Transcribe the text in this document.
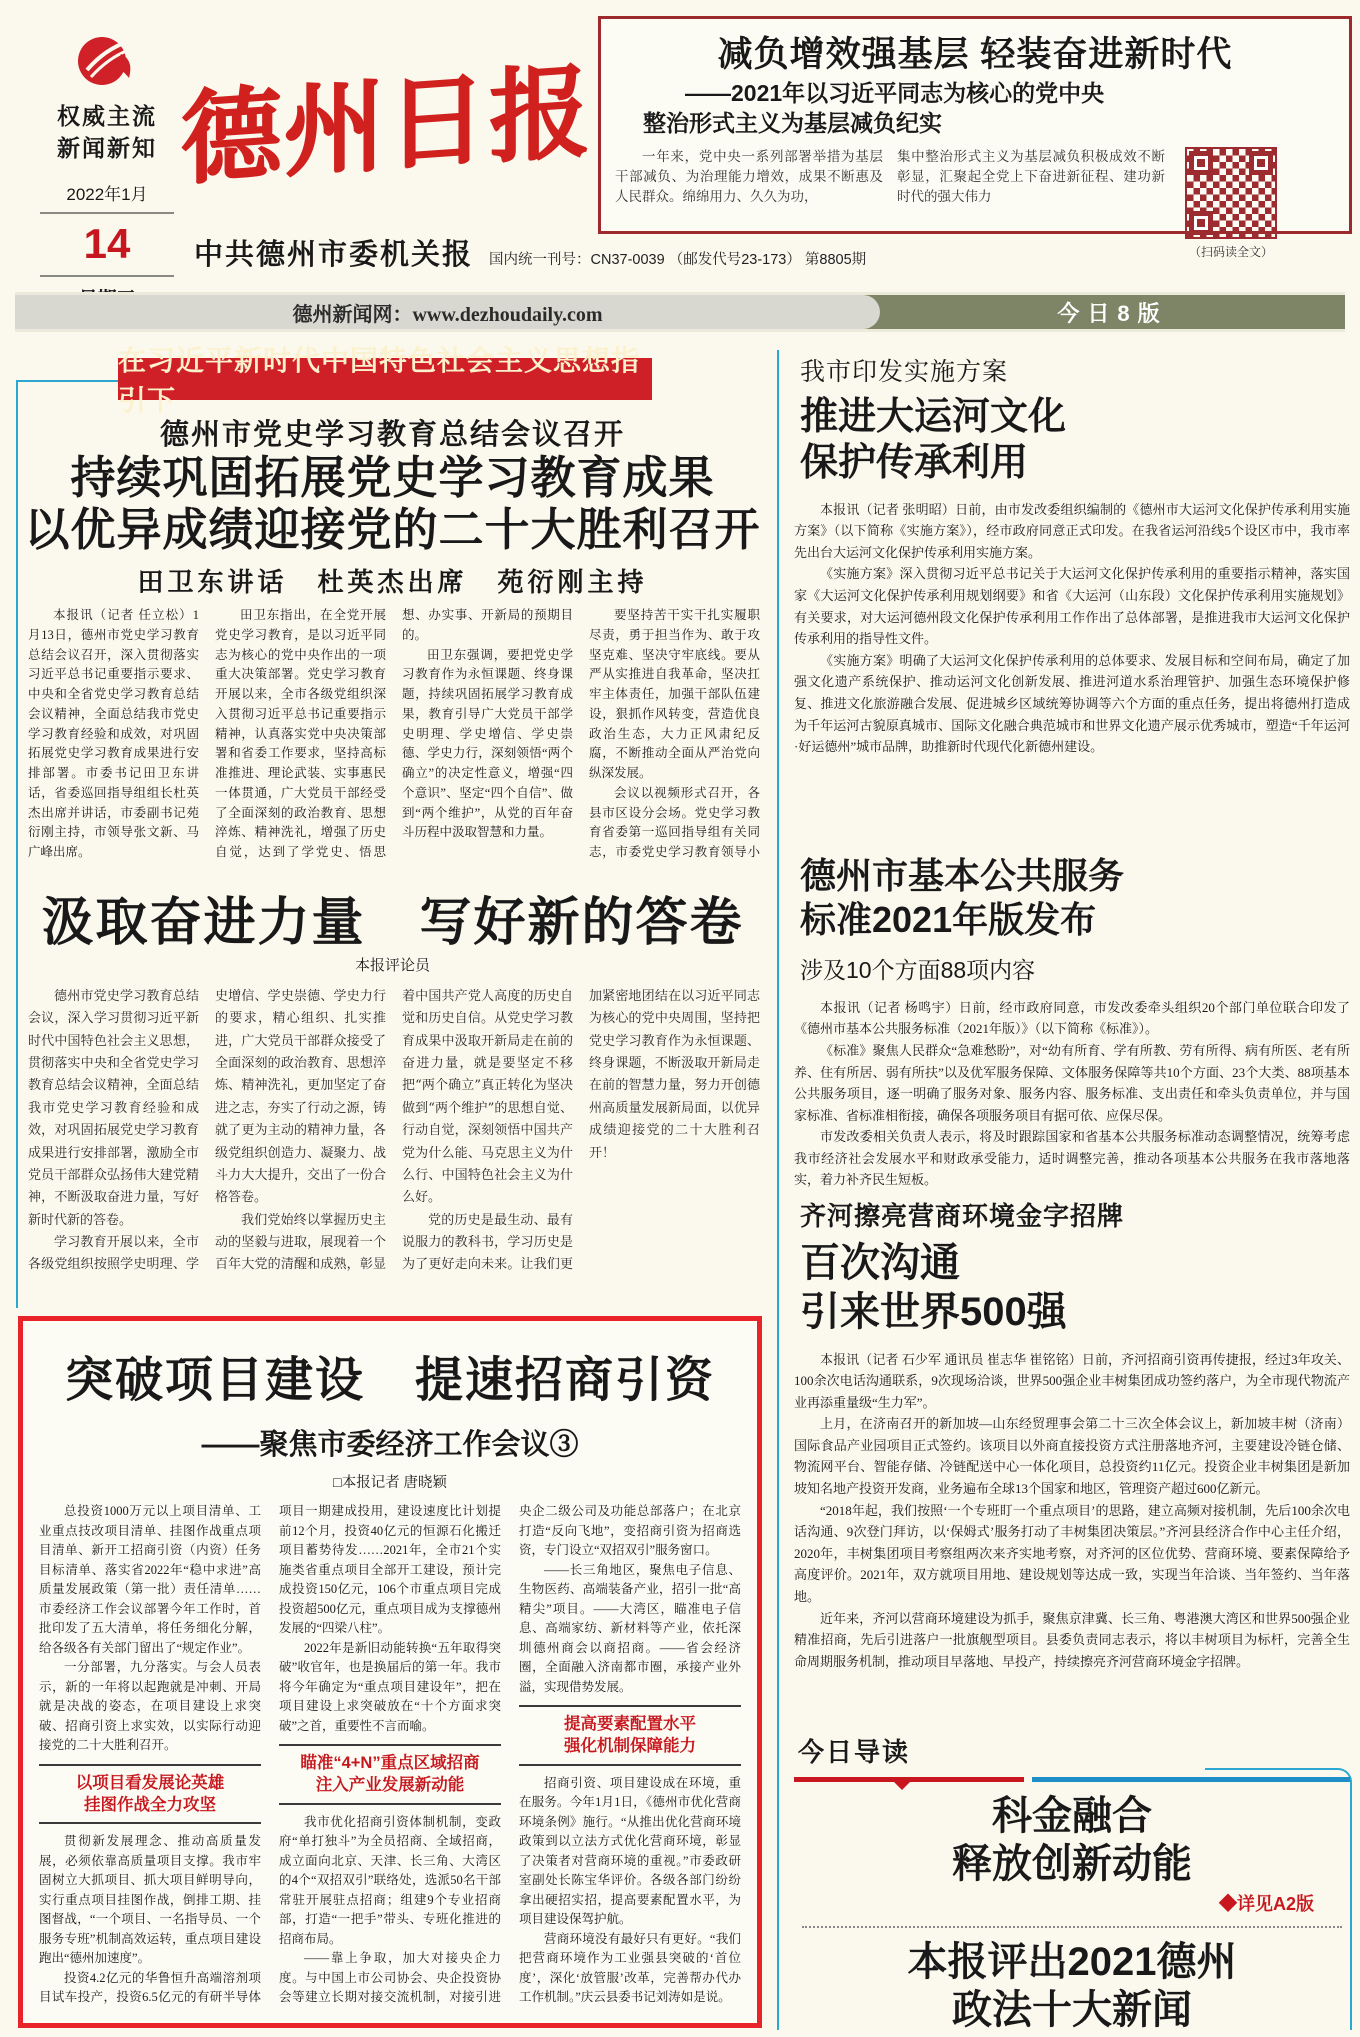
权威主流
新闻新知
2022年1月
14
德州日报
中共德州市委机关报 国内统一刊号：CN37-0039 （邮发代号23-173） 第8805期
减负增效强基层 轻装奋进新时代
——2021年以习近平同志为核心的党中央
整治形式主义为基层减负纪实
一年来，党中央一系列部署举措为基层干部减负、为治理能力增效，成果不断惠及人民群众。绵绵用力、久久为功，
集中整治形式主义为基层减负积极成效不断彰显，汇聚起全党上下奋进新征程、建功新时代的强大伟力
（扫码读全文）
德州新闻网：www.dezhoudaily.com	今日8版
在习近平新时代中国特色社会主义思想指引下
德州市党史学习教育总结会议召开
持续巩固拓展党史学习教育成果
以优异成绩迎接党的二十大胜利召开
田卫东讲话　杜英杰出席　苑衍刚主持

本报讯（记者 任立松）1月13日，德州市党史学习教育总结会议召开，深入贯彻落实习近平总书记重要指示要求、中央和全省党史学习教育总结会议精神，全面总结我市党史学习教育经验和成效，对巩固拓展党史学习教育成果进行安排部署。市委书记田卫东讲话，省委巡回指导组组长杜英杰出席并讲话，市委副书记苑衍刚主持，市领导张文新、马广峰出席。

田卫东指出，在全党开展党史学习教育，是以习近平同志为核心的党中央作出的一项重大决策部署。党史学习教育开展以来，全市各级党组织深入贯彻习近平总书记重要指示精神，认真落实党中央决策部署和省委工作要求，坚持高标准推进、理论武装、实事惠民一体贯通，广大党员干部经受了全面深刻的政治教育、思想淬炼、精神洗礼，增强了历史自觉，达到了学党史、悟思想、办实事、开新局的预期目的。

田卫东强调，要把党史学习教育作为永恒课题、终身课题，持续巩固拓展学习教育成果，教育引导广大党员干部学史明理、学史增信、学史崇德、学史力行，深刻领悟“两个确立”的决定性意义，增强“四个意识”、坚定“四个自信”、做到“两个维护”，从党的百年奋斗历程中汲取智慧和力量。

要坚持苦干实干扎实履职尽责，勇于担当作为、敢于攻坚克难、坚决守牢底线。要从严从实推进自我革命，坚决扛牢主体责任，加强干部队伍建设，狠抓作风转变，营造优良政治生态，大力正风肃纪反腐，不断推动全面从严治党向纵深发展。

会议以视频形式召开，各县市区设分会场。党史学习教育省委第一巡回指导组有关同志，市委党史学习教育领导小

汲取奋进力量　写好新的答卷
本报评论员

德州市党史学习教育总结会议，深入学习贯彻习近平新时代中国特色社会主义思想，贯彻落实中央和全省党史学习教育总结会议精神，全面总结我市党史学习教育经验和成效，对巩固拓展党史学习教育成果进行安排部署，激励全市党员干部群众弘扬伟大建党精神，不断汲取奋进力量，写好新时代新的答卷。

学习教育开展以来，全市各级党组织按照学史明理、学史增信、学史崇德、学史力行的要求，精心组织、扎实推进，广大党员干部群众接受了全面深刻的政治教育、思想淬炼、精神洗礼，更加坚定了奋进之志，夯实了行动之源，铸就了更为主动的精神力量，各级党组织创造力、凝聚力、战斗力大大提升，交出了一份合格答卷。

我们党始终以掌握历史主动的坚毅与进取，展现着一个百年大党的清醒和成熟，彰显着中国共产党人高度的历史自觉和历史自信。从党史学习教育成果中汲取开新局走在前的奋进力量，就是要坚定不移把“两个确立”真正转化为坚决做到“两个维护”的思想自觉、行动自觉，深刻领悟中国共产党为什么能、马克思主义为什么行、中国特色社会主义为什么好。

党的历史是最生动、最有说服力的教科书，学习历史是为了更好走向未来。让我们更加紧密地团结在以习近平同志为核心的党中央周围，坚持把党史学习教育作为永恒课题、终身课题，不断汲取开新局走在前的智慧力量，努力开创德州高质量发展新局面，以优异成绩迎接党的二十大胜利召开！

突破项目建设　提速招商引资
——聚焦市委经济工作会议③
□本报记者 唐晓颖

总投资1000万元以上项目清单、工业重点技改项目清单、挂图作战重点项目清单、新开工招商引资（内资）任务目标清单、落实省2022年“稳中求进”高质量发展政策（第一批）责任清单……市委经济工作会议部署今年工作时，首批印发了五大清单，将任务细化分解，给各级各有关部门留出了“规定作业”。

一分部署，九分落实。与会人员表示，新的一年将以起跑就是冲刺、开局就是决战的姿态，在项目建设上求突破、招商引资上求实效，以实际行动迎接党的二十大胜利召开。

以项目看发展论英雄
挂图作战全力攻坚

贯彻新发展理念、推动高质量发展，必须依靠高质量项目支撑。我市牢固树立大抓项目、抓大项目鲜明导向，实行重点项目挂图作战，倒排工期、挂图督战，“一个项目、一名指导员、一个服务专班”机制高效运转，重点项目建设跑出“德州加速度”。

投资4.2亿元的华鲁恒升高端溶剂项目试车投产，投资6.5亿元的有研半导体项目一期建成投用，建设速度比计划提前12个月，投资40亿元的恒源石化搬迁项目蓄势待发……2021年，全市21个实施类省重点项目全部开工建设，预计完成投资150亿元，106个市重点项目完成投资超500亿元，重点项目成为支撑德州发展的“四梁八柱”。

2022年是新旧动能转换“五年取得突破”收官年，也是换届后的第一年。我市将今年确定为“重点项目建设年”，把在项目建设上求突破放在“十个方面求突破”之首，重要性不言而喻。

瞄准“4+N”重点区域招商
注入产业发展新动能

我市优化招商引资体制机制，变政府“单打独斗”为全员招商、全域招商，成立面向北京、天津、长三角、大湾区的4个“双招双引”联络处，选派50名干部常驻开展驻点招商；组建9个专业招商部，打造“一把手”带头、专班化推进的招商布局。

——靠上争取，加大对接央企力度。与中国上市公司协会、央企投资协会等建立长期对接交流机制，对接引进央企二级公司及功能总部落户；在北京打造“反向飞地”，变招商引资为招商选资，专门设立“双招双引”服务窗口。

——长三角地区，聚焦电子信息、生物医药、高端装备产业，招引一批“高精尖”项目。——大湾区，瞄准电子信息、高端家纺、新材料等产业，依托深圳德州商会以商招商。——省会经济圈，全面融入济南都市圈，承接产业外溢，实现借势发展。

提高要素配置水平
强化机制保障能力

招商引资、项目建设成在环境，重在服务。今年1月1日，《德州市优化营商环境条例》施行。“从推出优化营商环境政策到以立法方式优化营商环境，彰显了决策者对营商环境的重视。”市委政研室副处长陈宝华评价。各级各部门纷纷拿出硬招实招，提高要素配置水平，为项目建设保驾护航。

营商环境没有最好只有更好。“我们把营商环境作为工业强县突破的‘首位度’，深化‘放管服’改革，完善帮办代办工作机制。”庆云县委书记刘涛如是说。

我市印发实施方案
推进大运河文化
保护传承利用

本报讯（记者 张明昭）日前，由市发改委组织编制的《德州市大运河文化保护传承利用实施方案》（以下简称《实施方案》），经市政府同意正式印发。在我省运河沿线5个设区市中，我市率先出台大运河文化保护传承利用实施方案。

《实施方案》深入贯彻习近平总书记关于大运河文化保护传承利用的重要指示精神，落实国家《大运河文化保护传承利用规划纲要》和省《大运河（山东段）文化保护传承利用实施规划》有关要求，对大运河德州段文化保护传承利用工作作出了总体部署，是推进我市大运河文化保护传承利用的指导性文件。

《实施方案》明确了大运河文化保护传承利用的总体要求、发展目标和空间布局，确定了加强文化遗产系统保护、推动运河文化创新发展、推进河道水系治理管护、加强生态环境保护修复、推进文化旅游融合发展、促进城乡区域统筹协调等六个方面的重点任务，提出将德州打造成为千年运河古貌原真城市、国际文化融合典范城市和世界文化遗产展示优秀城市，塑造“千年运河·好运德州”城市品牌，助推新时代现代化新德州建设。

德州市基本公共服务
标准2021年版发布
涉及10个方面88项内容

本报讯（记者 杨鸣宇）日前，经市政府同意，市发改委牵头组织20个部门单位联合印发了《德州市基本公共服务标准（2021年版）》（以下简称《标准》）。

《标准》聚焦人民群众“急难愁盼”，对“幼有所育、学有所教、劳有所得、病有所医、老有所养、住有所居、弱有所扶”以及优军服务保障、文体服务保障等共10个方面、23个大类、88项基本公共服务项目，逐一明确了服务对象、服务内容、服务标准、支出责任和牵头负责单位，并与国家标准、省标准相衔接，确保各项服务项目有据可依、应保尽保。

市发改委相关负责人表示，将及时跟踪国家和省基本公共服务标准动态调整情况，统筹考虑我市经济社会发展水平和财政承受能力，适时调整完善，推动各项基本公共服务在我市落地落实，着力补齐民生短板。

齐河擦亮营商环境金字招牌
百次沟通
引来世界500强

本报讯（记者 石少军 通讯员 崔志华 崔铭铭）日前，齐河招商引资再传捷报，经过3年攻关、100余次电话沟通联系，9次现场洽谈，世界500强企业丰树集团成功签约落户，为全市现代物流产业再添重量级“生力军”。

上月，在济南召开的新加坡—山东经贸理事会第二十三次全体会议上，新加坡丰树（济南）国际食品产业园项目正式签约。该项目以外商直接投资方式注册落地齐河，主要建设冷链仓储、物流网平台、智能存储、冷链配送中心一体化项目，总投资约11亿元。投资企业丰树集团是新加坡知名地产投资开发商，业务遍布全球13个国家和地区，管理资产超过600亿新元。

“2018年起，我们按照‘一个专班盯一个重点项目’的思路，建立高频对接机制，先后100余次电话沟通、9次登门拜访，以‘保姆式’服务打动了丰树集团决策层。”齐河县经济合作中心主任介绍，2020年，丰树集团项目考察组两次来齐实地考察，对齐河的区位优势、营商环境、要素保障给予高度评价。2021年，双方就项目用地、建设规划等达成一致，实现当年洽谈、当年签约、当年落地。

近年来，齐河以营商环境建设为抓手，聚焦京津冀、长三角、粤港澳大湾区和世界500强企业精准招商，先后引进落户一批旗舰型项目。县委负责同志表示，将以丰树项目为标杆，完善全生命周期服务机制，推动项目早落地、早投产，持续擦亮齐河营商环境金字招牌。

今日导读
科金融合
释放创新动能
◆详见A2版
本报评出2021德州
政法十大新闻
